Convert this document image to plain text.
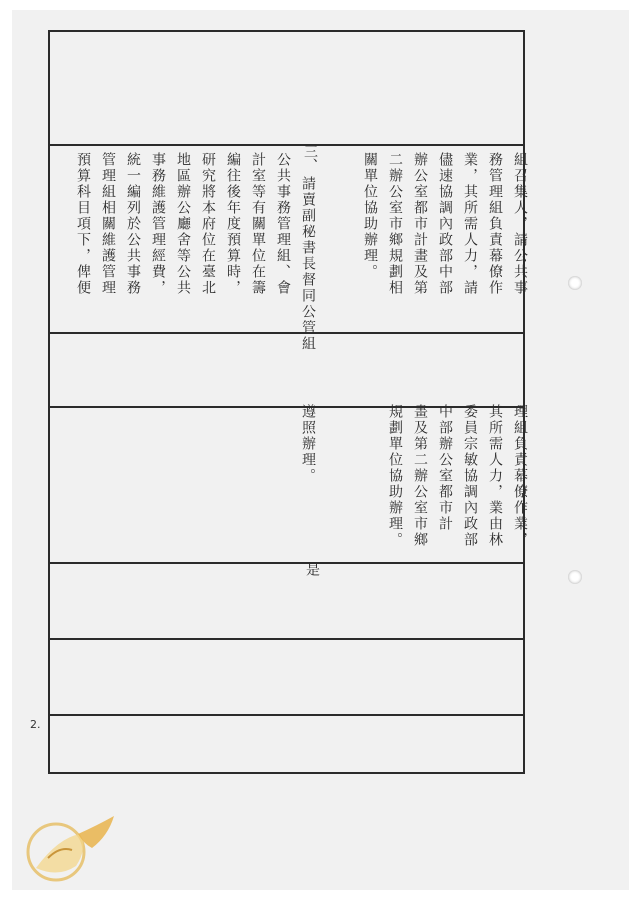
組召集人，請公共事
務管理組負責幕僚作
業，其所需人力，請
儘速協調內政部中部
辦公室都市計畫及第
二辦公室市鄉規劃相
關單位協助辦理。
三、
請賣副秘書長督同公管組
公共事務管理組、會
計室等有關單位在籌
編往後年度預算時，
研究將本府位在臺北
地區辦公廳舍等公共
事務維護管理經費，
統一編列於公共事務
管理組相關維護管理
預算科目項下，俾便
理組負責幕僚作業，
其所需人力，業由林
委員宗敏協調內政部
中部辦公室都市計
畫及第二辦公室市鄉
規劃單位協助辦理。
遵照辦理。
是
2.
